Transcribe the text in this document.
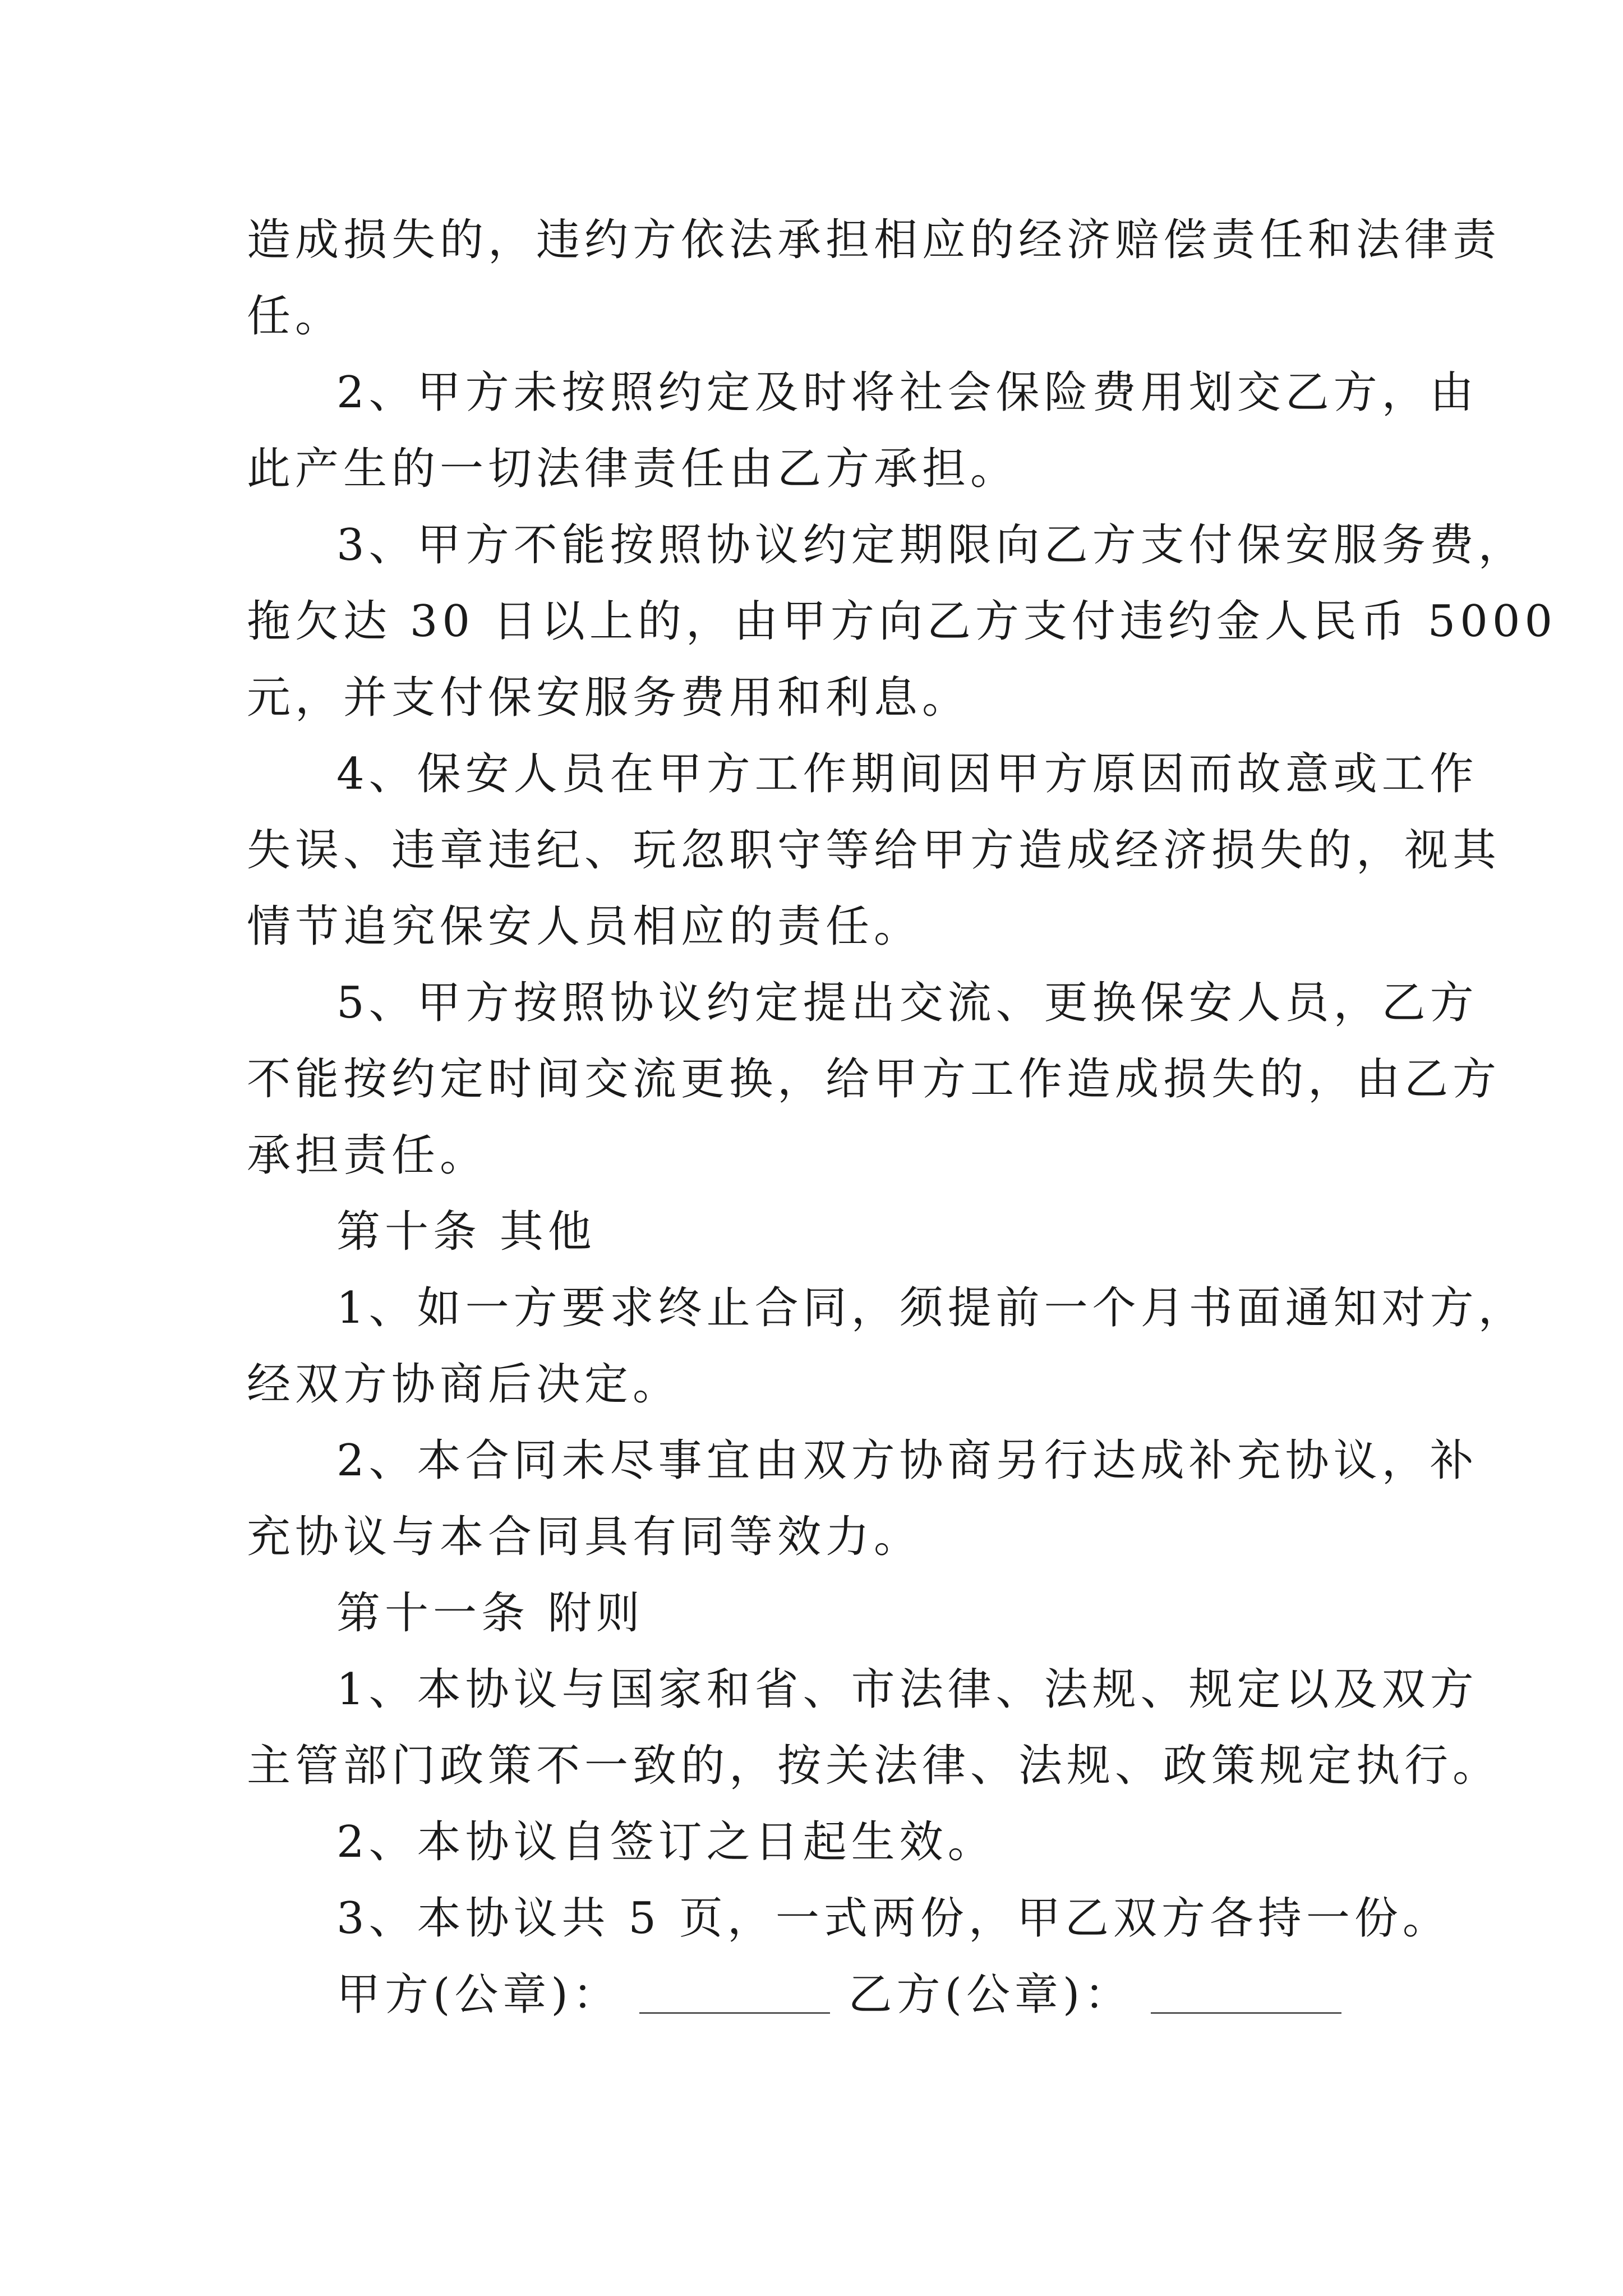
造成损失的，违约方依法承担相应的经济赔偿责任和法律责
任。
2、甲方未按照约定及时将社会保险费用划交乙方，由
此产生的一切法律责任由乙方承担。
3、甲方不能按照协议约定期限向乙方支付保安服务费，
拖欠达 30 日以上的，由甲方向乙方支付违约金人民币 5000
元，并支付保安服务费用和利息。
4、保安人员在甲方工作期间因甲方原因而故意或工作
失误、违章违纪、玩忽职守等给甲方造成经济损失的，视其
情节追究保安人员相应的责任。
5、甲方按照协议约定提出交流、更换保安人员，乙方
不能按约定时间交流更换，给甲方工作造成损失的，由乙方
承担责任。
第十条 其他
1、如一方要求终止合同，须提前一个月书面通知对方，
经双方协商后决定。
2、本合同未尽事宜由双方协商另行达成补充协议，补
充协议与本合同具有同等效力。
第十一条 附则
1、本协议与国家和省、市法律、法规、规定以及双方
主管部门政策不一致的，按关法律、法规、政策规定执行。
2、本协议自签订之日起生效。
3、本协议共 5 页，一式两份，甲乙双方各持一份。
甲方(公章)：	乙方(公章)：
